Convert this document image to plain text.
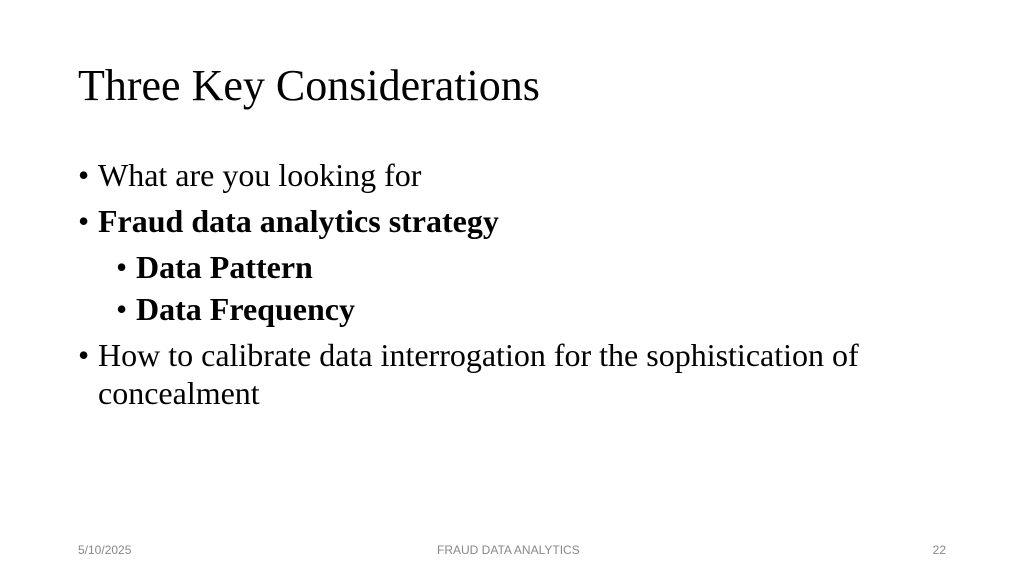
Three Key Considerations
• What are you looking for
• Fraud data analytics strategy
• Data Pattern
• Data Frequency
• How to calibrate data interrogation for the sophistication of concealment
5/10/2025	FRAUD DATA ANALYTICS	22
